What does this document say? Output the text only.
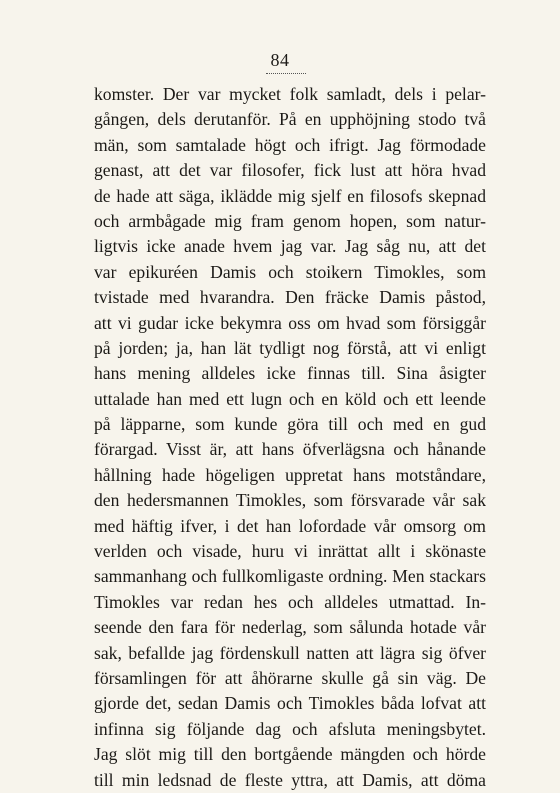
84
komster. Der var mycket folk samladt, dels i pelar-
gången, dels derutanför. På en upphöjning stodo två
män, som samtalade högt och ifrigt. Jag förmodade
genast, att det var filosofer, fick lust att höra hvad
de hade att säga, iklädde mig sjelf en filosofs skepnad
och armbågade mig fram genom hopen, som natur-
ligtvis icke anade hvem jag var. Jag såg nu, att det
var epikuréen Damis och stoikern Timokles, som
tvistade med hvarandra. Den fräcke Damis påstod,
att vi gudar icke bekymra oss om hvad som försiggår
på jorden; ja, han lät tydligt nog förstå, att vi enligt
hans mening alldeles icke finnas till. Sina åsigter
uttalade han med ett lugn och en köld och ett leende
på läpparne, som kunde göra till och med en gud
förargad. Visst är, att hans öfverlägsna och hånande
hållning hade högeligen uppretat hans motståndare,
den hedersmannen Timokles, som försvarade vår sak
med häftig ifver, i det han lofordade vår omsorg om
verlden och visade, huru vi inrättat allt i skönaste
sammanhang och fullkomligaste ordning. Men stackars
Timokles var redan hes och alldeles utmattad. In-
seende den fara för nederlag, som sålunda hotade vår
sak, befallde jag fördenskull natten att lägra sig öfver
församlingen för att åhörarne skulle gå sin väg. De
gjorde det, sedan Damis och Timokles båda lofvat att
infinna sig följande dag och afsluta meningsbytet.
Jag slöt mig till den bortgående mängden och hörde
till min ledsnad de fleste yttra, att Damis, att döma
